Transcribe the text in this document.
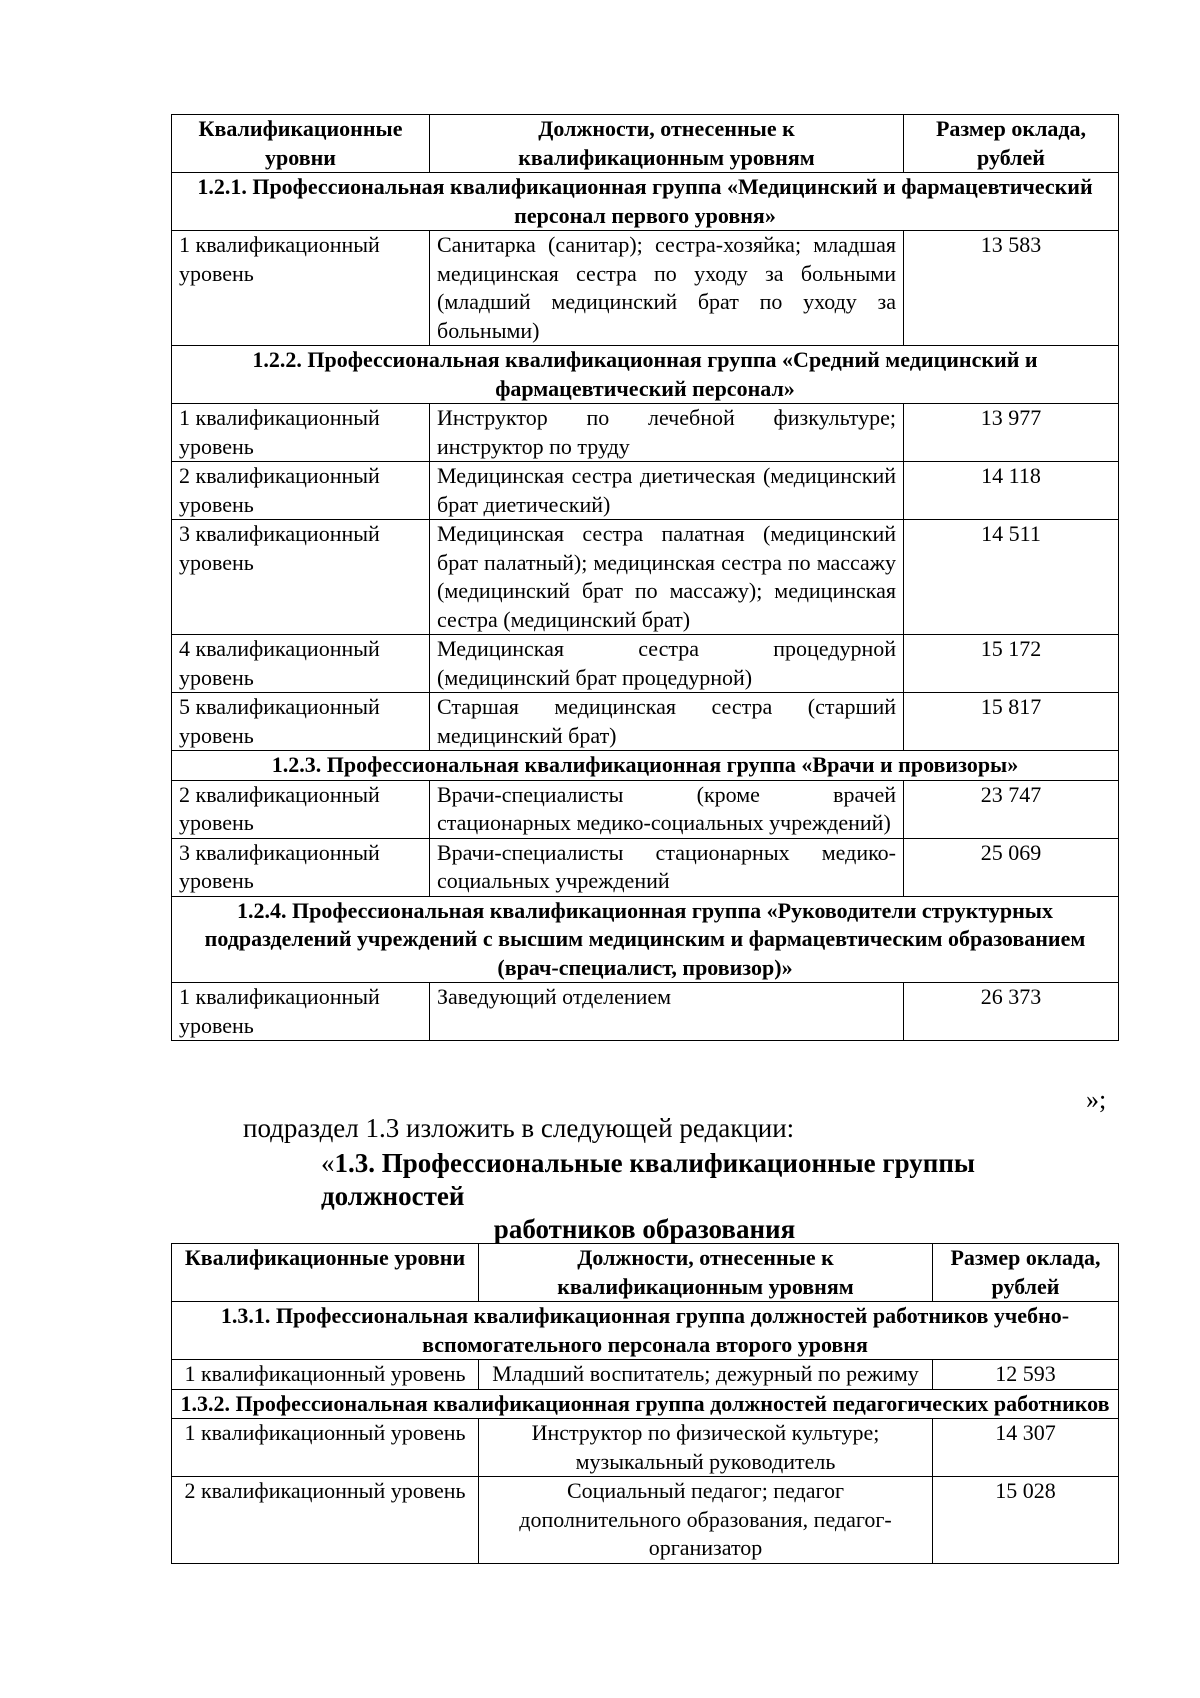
Квалификационные уровни	Должности, отнесенные к квалификационным уровням	Размер оклада, рублей
1.2.1. Профессиональная квалификационная группа «Медицинский и фармацевтический персонал первого уровня»		
1 квалификационный уровень	Санитарка (санитар); сестра-хозяйка; младшая медицинская сестра по уходу за больными (младший медицинский брат по уходу за больными)	13 583
1.2.2. Профессиональная квалификационная группа «Средний медицинский и фармацевтический персонал»		
1 квалификационный уровень	Инструктор по лечебной физкультуре; инструктор по труду	13 977
2 квалификационный уровень	Медицинская сестра диетическая (медицинский брат диетический)	14 118
3 квалификационный уровень	Медицинская сестра палатная (медицинский брат палатный); медицинская сестра по массажу (медицинский брат по массажу); медицинская сестра (медицинский брат)	14 511
4 квалификационный уровень	Медицинская сестра процедурной (медицинский брат процедурной)	15 172
5 квалификационный уровень	Старшая медицинская сестра (старший медицинский брат)	15 817
1.2.3. Профессиональная квалификационная группа «Врачи и провизоры»		
2 квалификационный уровень	Врачи-специалисты (кроме врачей стационарных медико-социальных учреждений)	23 747
3 квалификационный уровень	Врачи-специалисты стационарных медико-социальных учреждений	25 069
1.2.4. Профессиональная квалификационная группа «Руководители структурных подразделений учреждений с высшим медицинским и фармацевтическим образованием (врач-специалист, провизор)»		
1 квалификационный уровень	Заведующий отделением	26 373
»;
подраздел 1.3 изложить в следующей редакции:
«1.3. Профессиональные квалификационные группы должностей
работников образования
Квалификационные уровни	Должности, отнесенные к квалификационным уровням	Размер оклада, рублей
1.3.1. Профессиональная квалификационная группа должностей работников учебно-вспомогательного персонала второго уровня		
1 квалификационный уровень	Младший воспитатель; дежурный по режиму	12 593
1.3.2. Профессиональная квалификационная группа должностей педагогических работников		
1 квалификационный уровень	Инструктор по физической культуре; музыкальный руководитель	14 307
2 квалификационный уровень	Социальный педагог; педагог дополнительного образования, педагог-организатор	15 028
